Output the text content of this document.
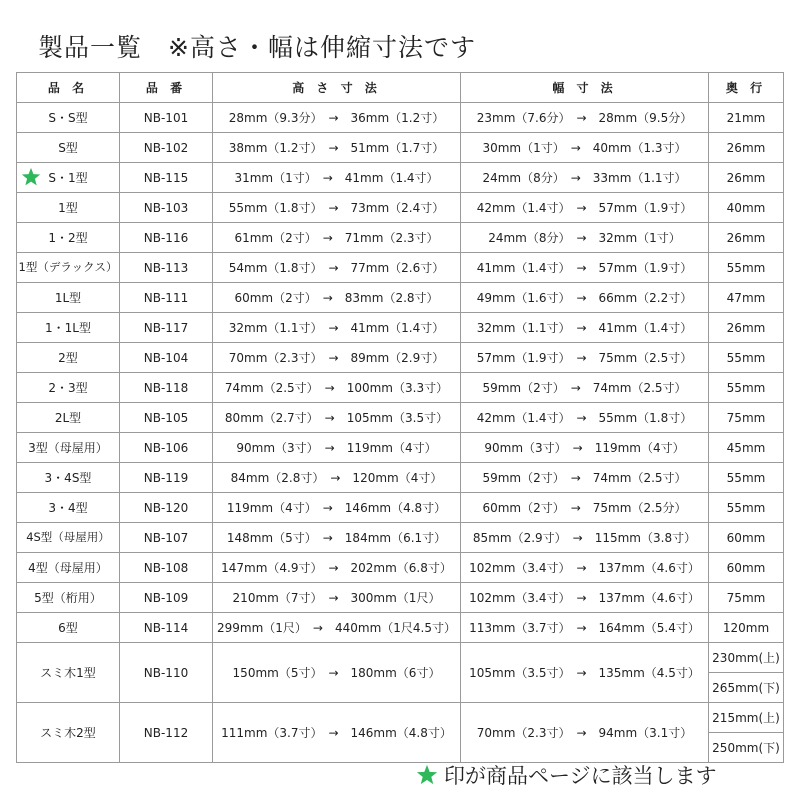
製品一覧　※高さ・幅は伸縮寸法です
品 名	品 番	高 さ 寸 法	幅 寸 法	奥 行
S・S型	NB-101	28mm（9.3分）　→　36mm（1.2寸）	23mm（7.6分）　→　28mm（9.5分）	21mm
S型	NB-102	38mm（1.2寸）　→　51mm（1.7寸）	30mm（1寸）　→　40mm（1.3寸）	26mm

S・1型	NB-115	31mm（1寸）　→　41mm（1.4寸）	24mm（8分）　→　33mm（1.1寸）	26mm
1型	NB-103	55mm（1.8寸）　→　73mm（2.4寸）	42mm（1.4寸）　→　57mm（1.9寸）	40mm
1・2型	NB-116	61mm（2寸）　→　71mm（2.3寸）	24mm（8分）　→　32mm（1寸）	26mm
1型（デラックス）	NB-113	54mm（1.8寸）　→　77mm（2.6寸）	41mm（1.4寸）　→　57mm（1.9寸）	55mm
1L型	NB-111	60mm（2寸）　→　83mm（2.8寸）	49mm（1.6寸）　→　66mm（2.2寸）	47mm
1・1L型	NB-117	32mm（1.1寸）　→　41mm（1.4寸）	32mm（1.1寸）　→　41mm（1.4寸）	26mm
2型	NB-104	70mm（2.3寸）　→　89mm（2.9寸）	57mm（1.9寸）　→　75mm（2.5寸）	55mm
2・3型	NB-118	74mm（2.5寸）　→　100mm（3.3寸）	59mm（2寸）　→　74mm（2.5寸）	55mm
2L型	NB-105	80mm（2.7寸）　→　105mm（3.5寸）	42mm（1.4寸）　→　55mm（1.8寸）	75mm
3型（母屋用）	NB-106	90mm（3寸）　→　119mm（4寸）	90mm（3寸）　→　119mm（4寸）	45mm
3・4S型	NB-119	84mm（2.8寸）　→　120mm（4寸）	59mm（2寸）　→　74mm（2.5寸）	55mm
3・4型	NB-120	119mm（4寸）　→　146mm（4.8寸）	60mm（2寸）　→　75mm（2.5分）	55mm
4S型（母屋用）	NB-107	148mm（5寸）　→　184mm（6.1寸）	85mm（2.9寸）　→　115mm（3.8寸）	60mm
4型（母屋用）	NB-108	147mm（4.9寸）　→　202mm（6.8寸）	102mm（3.4寸）　→　137mm（4.6寸）	60mm
5型（桁用）	NB-109	210mm（7寸）　→　300mm（1尺）	102mm（3.4寸）　→　137mm（4.6寸）	75mm
6型	NB-114	299mm（1尺）　→　440mm（1尺4.5寸）	113mm（3.7寸）　→　164mm（5.4寸）	120mm
スミ木1型	NB-110	150mm（5寸）　→　180mm（6寸）	105mm（3.5寸）　→　135mm（4.5寸）	230mm(上)
				265mm(下)
スミ木2型	NB-112	111mm（3.7寸）　→　146mm（4.8寸）	70mm（2.3寸）　→　94mm（3.1寸）	215mm(上)
				250mm(下)
印が商品ページに該当します
